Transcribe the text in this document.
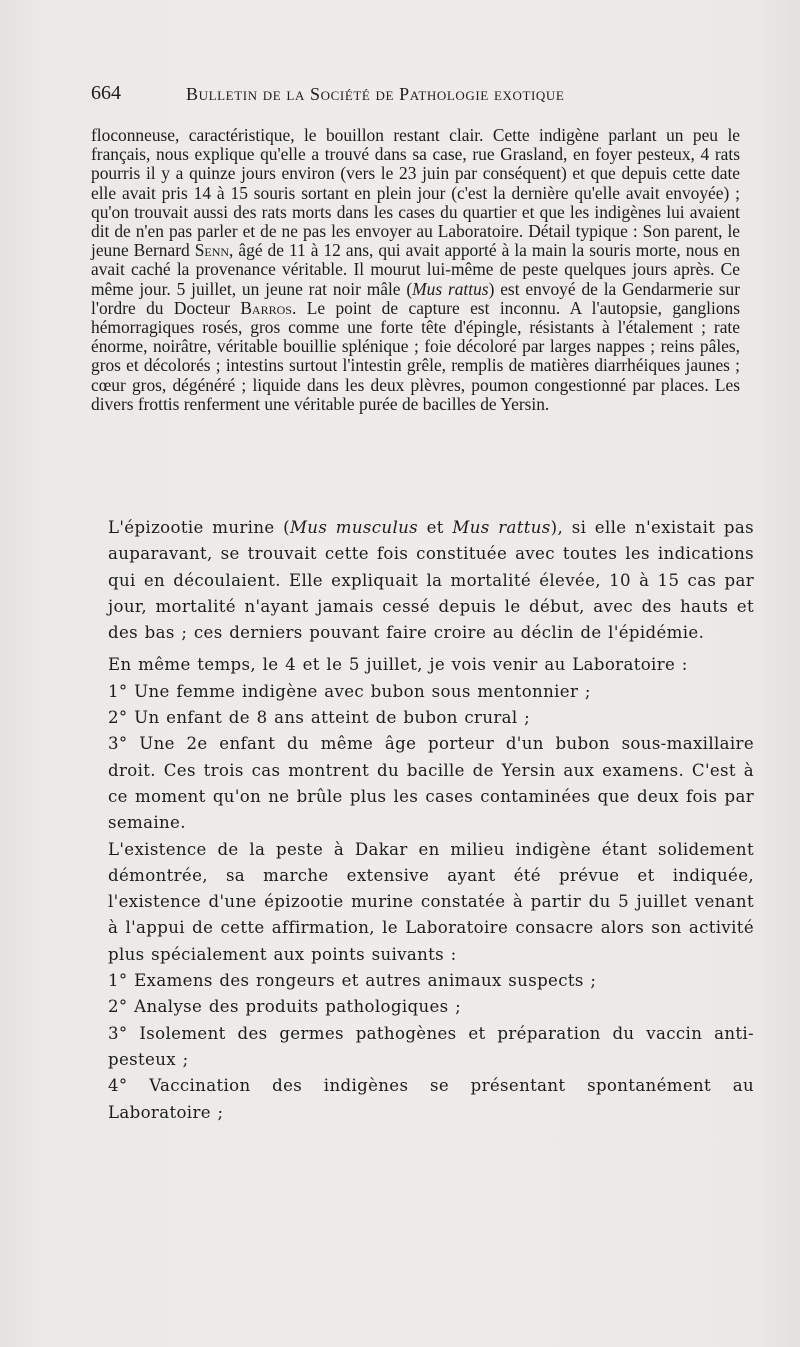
664	Bulletin de la Société de Pathologie exotique

floconneuse, caractéristique, le bouillon restant clair. Cette indigène parlant un peu le français, nous explique qu'elle a trouvé dans sa case, rue Grasland, en foyer pesteux, 4 rats pourris il y a quinze jours environ (vers le 23 juin par conséquent) et que depuis cette date elle avait pris 14 à 15 souris sortant en plein jour (c'est la dernière qu'elle avait envoyée) ; qu'on trouvait aussi des rats morts dans les cases du quartier et que les indigènes lui avaient dit de n'en pas parler et de ne pas les envoyer au Laboratoire. Détail typique : Son parent, le jeune Bernard Senn, âgé de 11 à 12 ans, qui avait apporté à la main la souris morte, nous en avait caché la provenance véritable. Il mourut lui-même de peste quelques jours après. Ce même jour. 5 juillet, un jeune rat noir mâle (Mus rattus) est envoyé de la Gendarmerie sur l'ordre du Docteur Barros. Le point de capture est inconnu. A l'autopsie, ganglions hémorragiques rosés, gros comme une forte tête d'épingle, résistants à l'étalement ; rate énorme, noirâtre, véritable bouillie splénique ; foie décoloré par larges nappes ; reins pâles, gros et décolorés ; intestins surtout l'intestin grêle, remplis de matières diarrhéiques jaunes ; cœur gros, dégénéré ; liquide dans les deux plèvres, poumon congestionné par places. Les divers frottis renferment une véritable purée de bacilles de Yersin.

L'épizootie murine (Mus musculus et Mus rattus), si elle n'existait pas auparavant, se trouvait cette fois constituée avec toutes les indications qui en découlaient. Elle expliquait la mortalité élevée, 10 à 15 cas par jour, mortalité n'ayant jamais cessé depuis le début, avec des hauts et des bas ; ces derniers pouvant faire croire au déclin de l'épidémie.

En même temps, le 4 et le 5 juillet, je vois venir au Laboratoire :

1° Une femme indigène avec bubon sous mentonnier ;

2° Un enfant de 8 ans atteint de bubon crural ;

3° Une 2e enfant du même âge porteur d'un bubon sous-maxillaire droit. Ces trois cas montrent du bacille de Yersin aux examens. C'est à ce moment qu'on ne brûle plus les cases contaminées que deux fois par semaine.

L'existence de la peste à Dakar en milieu indigène étant solidement démontrée, sa marche extensive ayant été prévue et indiquée, l'existence d'une épizootie murine constatée à partir du 5 juillet venant à l'appui de cette affirmation, le Laboratoire consacre alors son activité plus spécialement aux points suivants :

1° Examens des rongeurs et autres animaux suspects ;

2° Analyse des produits pathologiques ;

3° Isolement des germes pathogènes et préparation du vaccin anti-pesteux ;

4° Vaccination des indigènes se présentant spontanément au Laboratoire ;
